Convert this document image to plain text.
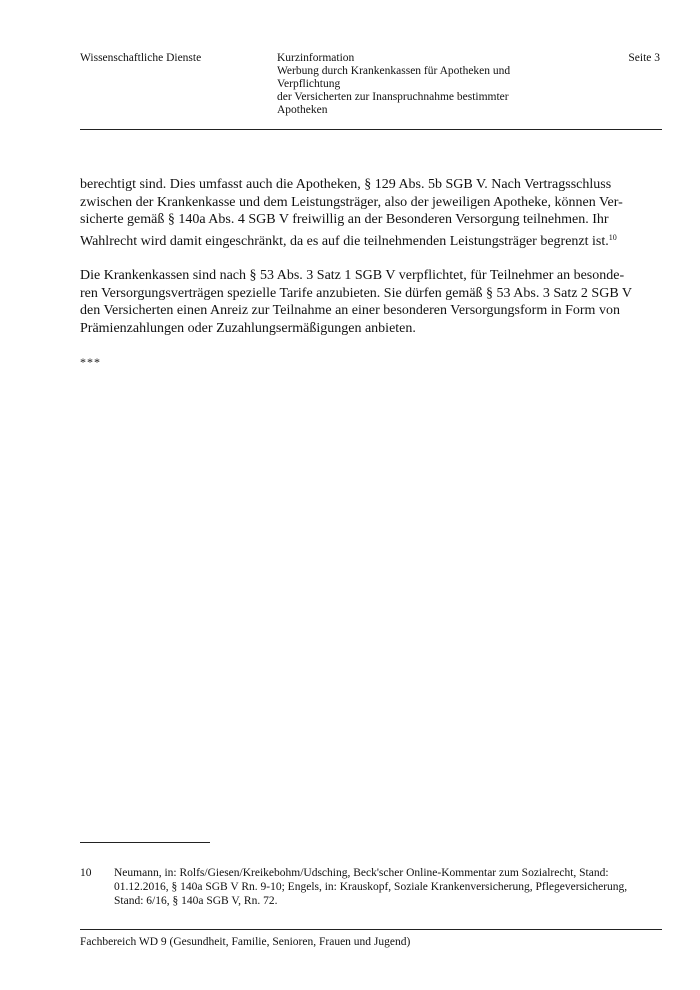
Wissenschaftliche Dienste	Kurzinformation
Werbung durch Krankenkassen für Apotheken und
Verpflichtung
der Versicherten zur Inanspruchnahme bestimmter
Apotheken
Seite 3

berechtigt sind. Dies umfasst auch die Apotheken, § 129 Abs. 5b SGB V. Nach Vertragsschluss
zwischen der Krankenkasse und dem Leistungsträger, also der jeweiligen Apotheke, können Ver-
sicherte gemäß § 140a Abs. 4 SGB V freiwillig an der Besonderen Versorgung teilnehmen. Ihr
Wahlrecht wird damit eingeschränkt, da es auf die teilnehmenden Leistungsträger begrenzt ist.$^{10}$

Die Krankenkassen sind nach § 53 Abs. 3 Satz 1 SGB V verpflichtet, für Teilnehmer an besonde-
ren Versorgungsverträgen spezielle Tarife anzubieten. Sie dürfen gemäß § 53 Abs. 3 Satz 2 SGB V
den Versicherten einen Anreiz zur Teilnahme an einer besonderen Versorgungsform in Form von
Prämienzahlungen oder Zuzahlungsermäßigungen anbieten.

***
10 Neumann, in: Rolfs/Giesen/Kreikebohm/Udsching, Beck'scher Online-Kommentar zum Sozialrecht, Stand:
01.12.2016, § 140a SGB V Rn. 9-10; Engels, in: Krauskopf, Soziale Krankenversicherung, Pflegeversicherung,
Stand: 6/16, § 140a SGB V, Rn. 72.
Fachbereich WD 9 (Gesundheit, Familie, Senioren, Frauen und Jugend)
